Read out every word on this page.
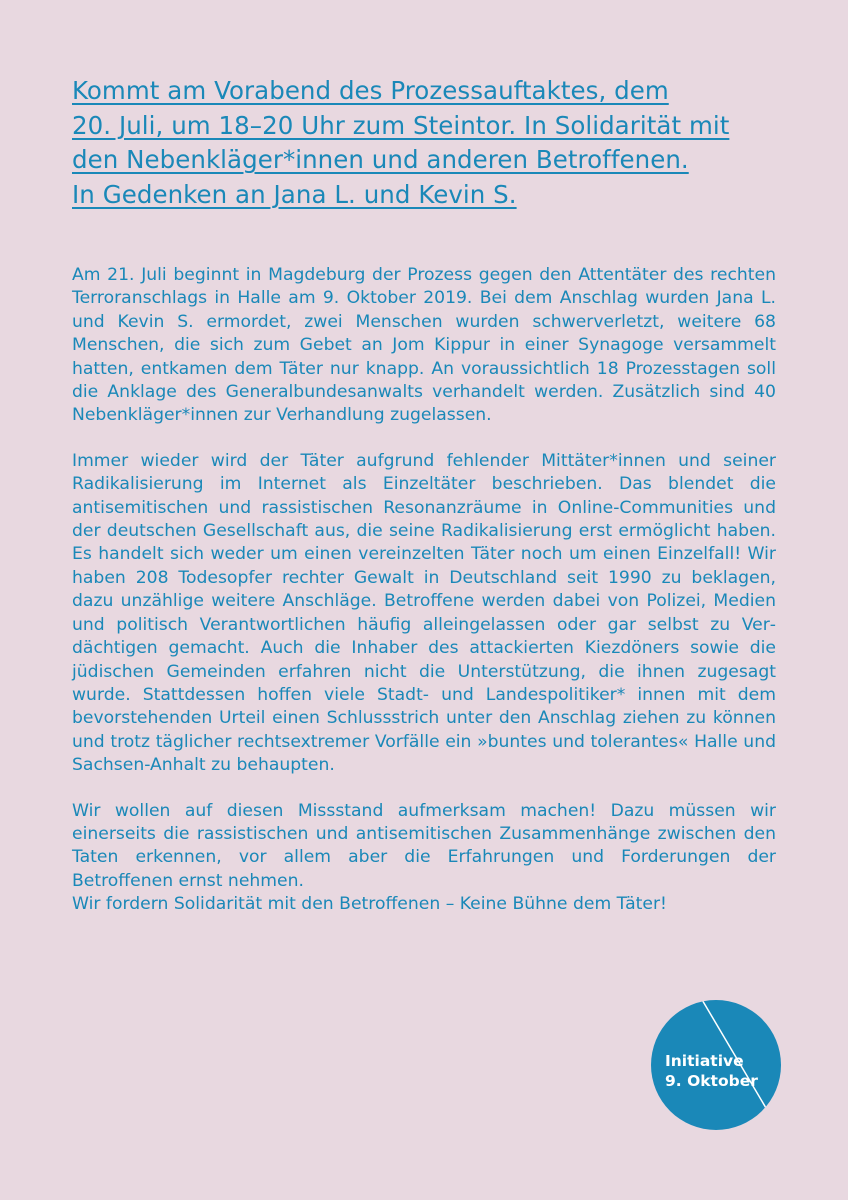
Kommt am Vorabend des Prozessauftaktes, dem
20. Juli, um 18–20 Uhr zum Steintor. In Solidarität mit
den Nebenkläger*innen und anderen Betroffenen.
In Gedenken an Jana L. und Kevin S.

Am 21. Juli beginnt in Magdeburg der Prozess gegen den Attentäter des rechten Terroranschlags in Halle am 9. Oktober 2019. Bei dem Anschlag wurden Jana L. und Kevin S. ermordet, zwei Menschen wurden schwerverletzt, weitere 68 Menschen, die sich zum Gebet an Jom Kippur in einer Synagoge versammelt hatten, entkamen dem Täter nur knapp. An voraussichtlich 18 Prozesstagen soll die Anklage des Generalbundesanwalts verhandelt werden. Zusätzlich sind 40 Nebenkläger*innen zur Verhandlung zugelassen.

Immer wieder wird der Täter aufgrund fehlender Mittäter*innen und seiner Radikalisierung im Internet als Einzeltäter beschrieben. Das blendet die antisemitischen und rassistischen Resonanzräume in Online-Communities und der deutschen Gesellschaft aus, die seine Radikalisierung erst ermöglicht haben. Es handelt sich weder um einen vereinzelten Täter noch um einen Einzelfall! Wir haben 208 Todesopfer rechter Gewalt in Deutschland seit 1990 zu beklagen, dazu unzählige weitere Anschläge. Betroffene werden dabei von Polizei, Medien und politisch Verantwortlichen häufig alleingelassen oder gar selbst zu Verdächtigen gemacht. Auch die Inhaber des attackierten Kiezdöners sowie die jüdischen Gemeinden erfahren nicht die Unterstützung, die ihnen zugesagt wurde. Stattdessen hoffen viele Stadt- und Landespolitiker* innen mit dem bevorstehenden Urteil einen Schlussstrich unter den Anschlag ziehen zu können und trotz täglicher rechtsextremer Vorfälle ein »buntes und tolerantes« Halle und Sachsen-Anhalt zu behaupten.

Wir wollen auf diesen Missstand aufmerksam machen! Dazu müssen wir einerseits die rassistischen und antisemitischen Zusammenhänge zwischen den Taten erkennen, vor allem aber die Erfahrungen und Forderungen der Betroffenen ernst nehmen.

Wir fordern Solidarität mit den Betroffenen – Keine Bühne dem Täter!

Initiative
9. Oktober
